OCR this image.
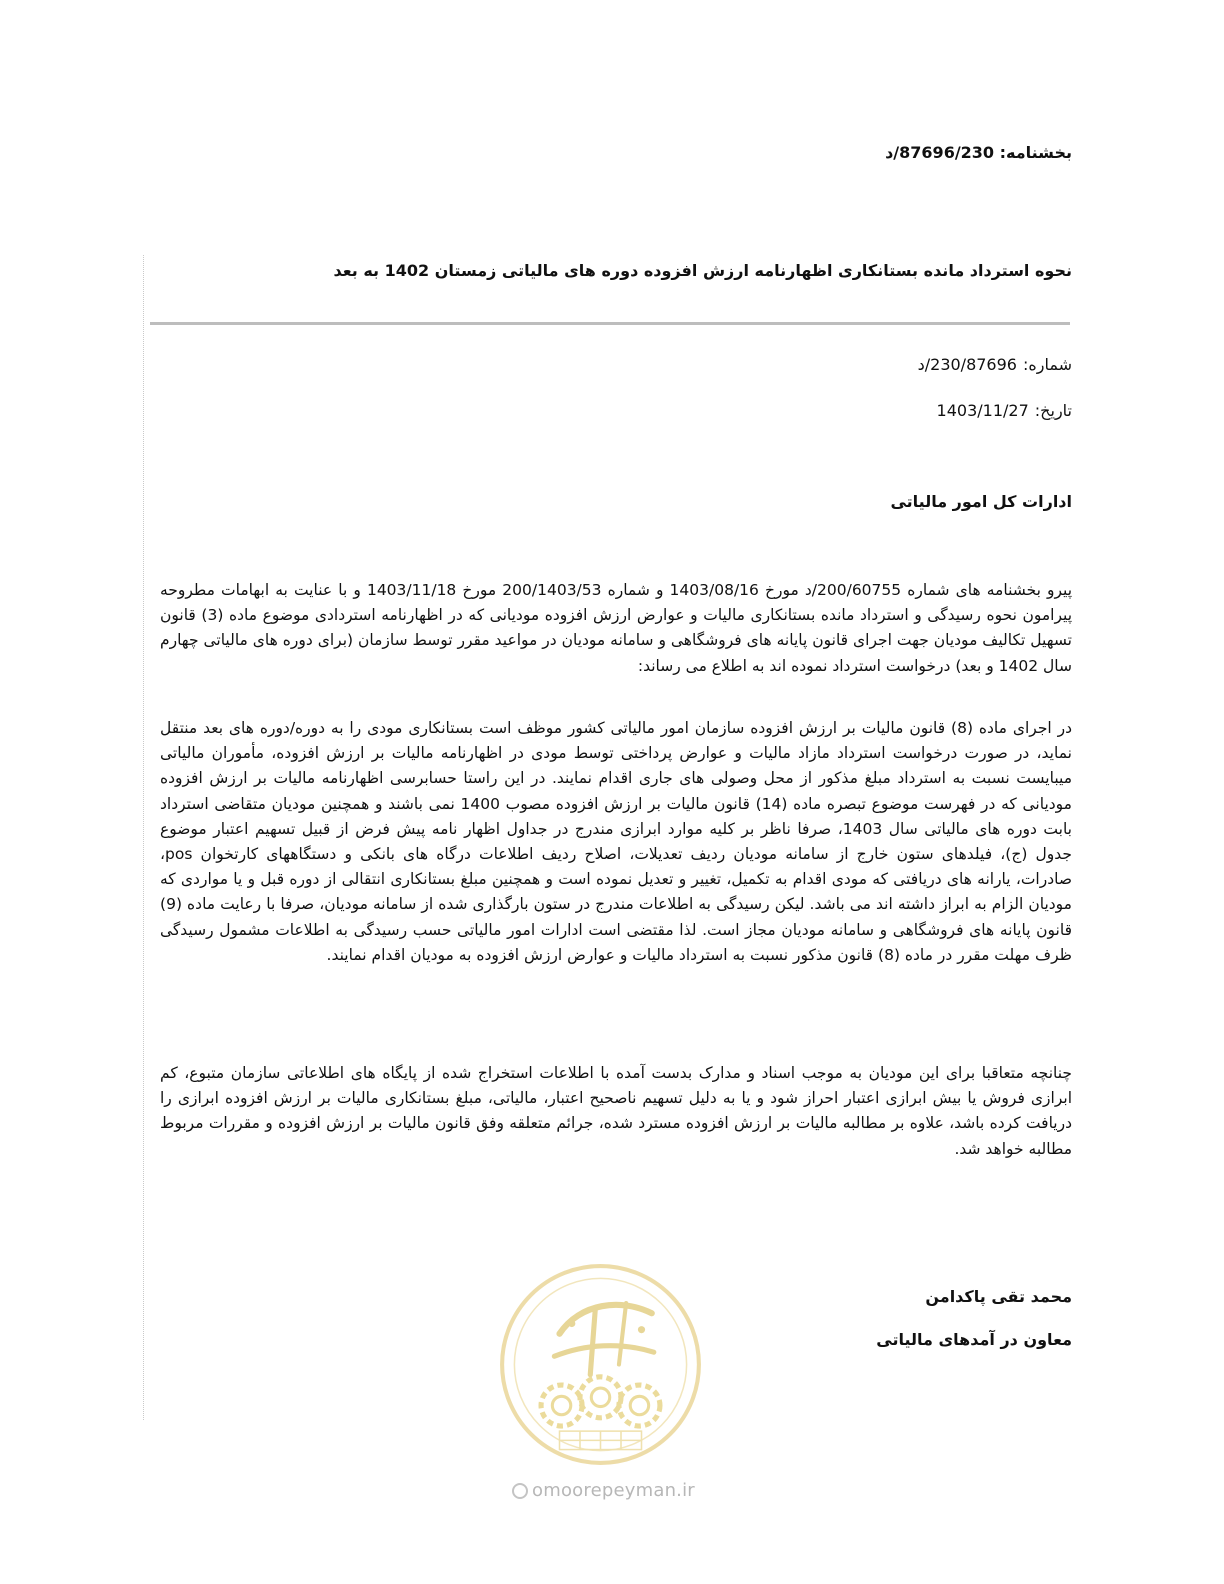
بخشنامه: 87696/230/د
نحوه استرداد مانده بستانکاری اظهارنامه ارزش افزوده دوره های مالیاتی زمستان 1402 به بعد
شماره:230/87696/د
تاریخ:1403/11/27
ادارات کل امور مالیاتی
پیرو بخشنامه های شماره 200/60755/د مورخ 1403/08/16 و شماره 200/1403/53 مورخ 1403/11/18 و با عنایت به ابهامات مطروحه پیرامون نحوه رسیدگی و استرداد مانده بستانکاری مالیات و عوارض ارزش افزوده مودیانی که در اظهارنامه استردادی موضوع ماده (3) قانون تسهیل تکالیف مودیان جهت اجرای قانون پایانه های فروشگاهی و سامانه مودیان در مواعید مقرر توسط سازمان (برای دوره های مالیاتی چهارم سال 1402 و بعد) درخواست استرداد نموده اند به اطلاع می رساند:
در اجرای ماده (8) قانون مالیات بر ارزش افزوده سازمان امور مالیاتی کشور موظف است بستانکاری مودی را به دوره/دوره های بعد منتقل نماید، در صورت درخواست استرداد مازاد مالیات و عوارض پرداختی توسط مودی در اظهارنامه مالیات بر ارزش افزوده، مأموران مالیاتی میبایست نسبت به استرداد مبلغ مذکور از محل وصولی های جاری اقدام نمایند. در این راستا حسابرسی اظهارنامه مالیات بر ارزش افزوده مودیانی که در فهرست موضوع تبصره ماده (14) قانون مالیات بر ارزش افزوده مصوب 1400 نمی باشند و همچنین مودیان متقاضی استرداد بابت دوره های مالیاتی سال 1403، صرفا ناظر بر کلیه موارد ابرازی مندرج در جداول اظهار نامه پیش فرض از قبیل تسهیم اعتبار موضوع جدول (ج)، فیلدهای ستون خارج از سامانه مودیان ردیف تعدیلات، اصلاح ردیف اطلاعات درگاه های بانکی و دستگاههای کارتخوان pos، صادرات، یارانه های دریافتی که مودی اقدام به تکمیل، تغییر و تعدیل نموده است و همچنین مبلغ بستانکاری انتقالی از دوره قبل و یا مواردی که مودیان الزام به ابراز داشته اند می باشد. لیکن رسیدگی به اطلاعات مندرج در ستون بارگذاری شده از سامانه مودیان، صرفا با رعایت ماده (9) قانون پایانه های فروشگاهی و سامانه مودیان مجاز است. لذا مقتضی است ادارات امور مالیاتی حسب رسیدگی به اطلاعات مشمول رسیدگی ظرف مهلت مقرر در ماده (8) قانون مذکور نسبت به استرداد مالیات و عوارض ارزش افزوده به مودیان اقدام نمایند.
چنانچه متعاقبا برای این مودیان به موجب اسناد و مدارک بدست آمده با اطلاعات استخراج شده از پایگاه های اطلاعاتی سازمان متبوع، کم ابرازی فروش یا بیش ابرازی اعتبار احراز شود و یا به دلیل تسهیم ناصحیح اعتبار، مالیاتی، مبلغ بستانکاری مالیات بر ارزش افزوده ابرازی را دریافت کرده باشد، علاوه بر مطالبه مالیات بر ارزش افزوده مسترد شده، جرائم متعلقه وفق قانون مالیات بر ارزش افزوده و مقررات مربوط مطالبه خواهد شد.
محمد تقی پاکدامن
معاون در آمدهای مالیاتی
omoorepeyman.ir
